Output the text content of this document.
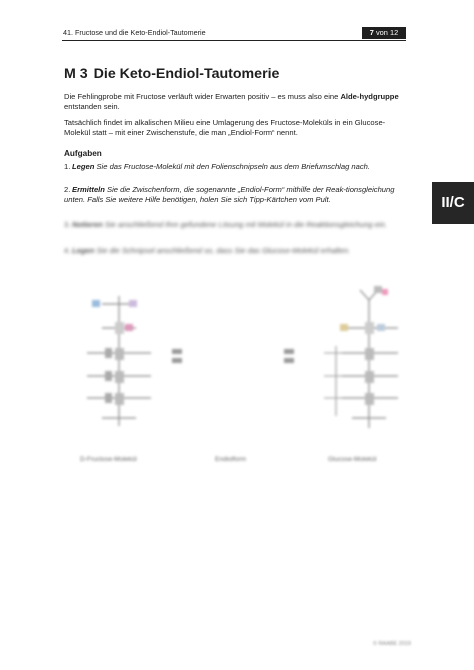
41. Fructose und die Keto-Endiol-Tautomerie	7 von 12
II/C
M 3 Die Keto-Endiol-Tautomerie
Die Fehlingprobe mit Fructose verläuft wider Erwarten positiv – es muss also eine Alde-hydgruppe entstanden sein.
Tatsächlich findet im alkalischen Milieu eine Umlagerung des Fructose-Moleküls in ein Glucose-Molekül statt – mit einer Zwischenstufe, die man „Endiol-Form“ nennt.
Aufgaben
1. Legen Sie das Fructose-Molekül mit den Folienschnipseln aus dem Briefumschlag nach.
2. Ermitteln Sie die Zwischenform, die sogenannte „Endiol-Form“ mithilfe der Reak-tionsgleichung unten. Falls Sie weitere Hilfe benötigen, holen Sie sich Tipp-Kärtchen vom Pult.
3. Notieren Sie anschließend Ihre gefundene Lösung mit Molekül in die Reaktionsgleichung ein.
4. Legen Sie die Schnipsel anschließend so, dass Sie das Glucose-Molekül erhalten.
D-Fructose-Molekül	Endiolform	Glucose-Molekül
© RAABE 2019
